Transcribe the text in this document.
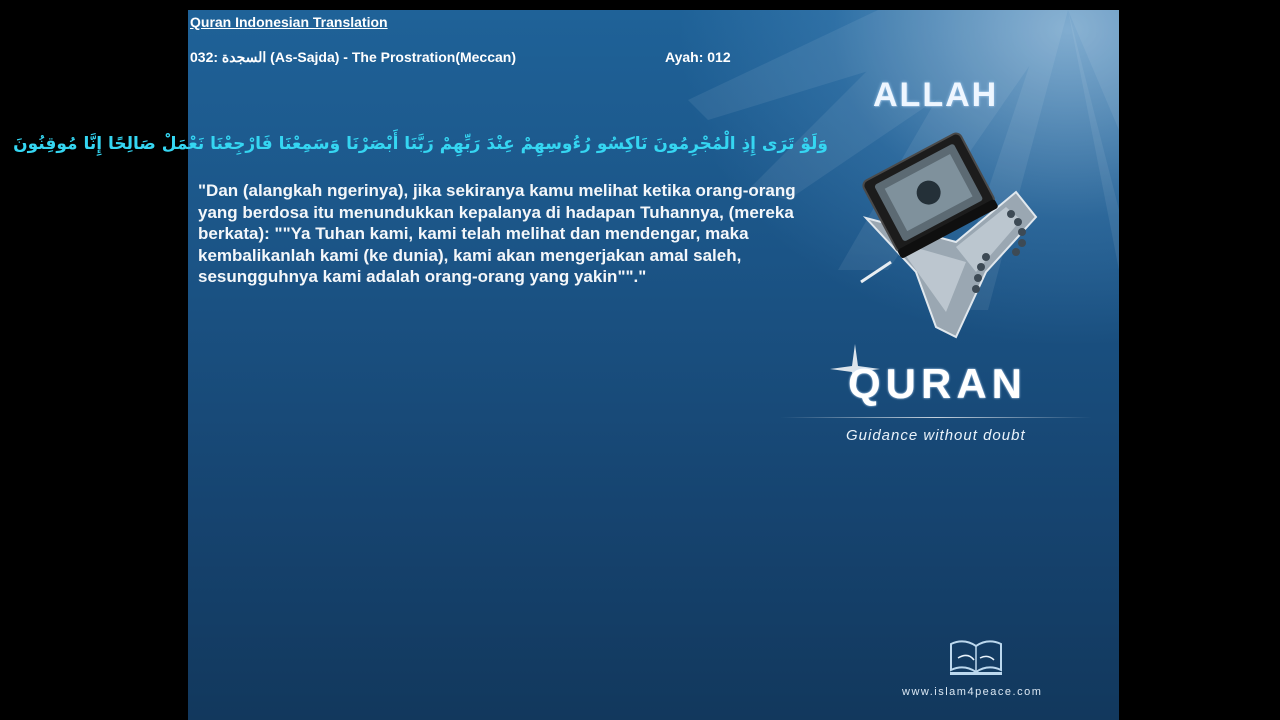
Quran Indonesian Translation
032: السجدة (As-Sajda) - The Prostration(Meccan)	Ayah: 012
وَلَوْ تَرَى إِذِ الْمُجْرِمُونَ نَاكِسُو رُءُوسِهِمْ عِنْدَ رَبِّهِمْ رَبَّنَا أَبْصَرْنَا وَسَمِعْنَا فَارْجِعْنَا نَعْمَلْ صَالِحًا إِنَّا مُوقِنُونَ
"Dan (alangkah ngerinya), jika sekiranya kamu melihat ketika orang-orang yang berdosa itu menundukkan kepalanya di hadapan Tuhannya, (mereka berkata): ""Ya Tuhan kami, kami telah melihat dan mendengar, maka kembalikanlah kami (ke dunia), kami akan mengerjakan amal saleh, sesungguhnya kami adalah orang-orang yang yakin""."
ALLAH
QURAN
Guidance without doubt
www.islam4peace.com
